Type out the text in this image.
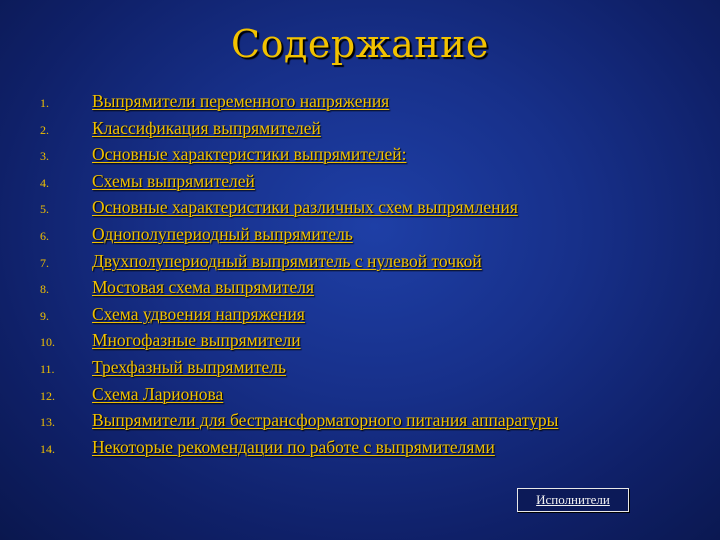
Содержание
1.	Выпрямители переменного напряжения
2.	Классификация выпрямителей
3.	Основные характеристики выпрямителей:
4.	Схемы выпрямителей
5.	Основные характеристики различных схем выпрямления
6.	Однополупериодный выпрямитель
7.	Двухполупериодный выпрямитель с нулевой точкой
8.	Мостовая схема выпрямителя
9.	Схема удвоения напряжения
10.	Многофазные выпрямители
11.	Трехфазный выпрямитель
12.	Схема Ларионова
13.	Выпрямители для бестрансформаторного питания аппаратуры
14.	Некоторые рекомендации по работе с выпрямителями
Исполнители
